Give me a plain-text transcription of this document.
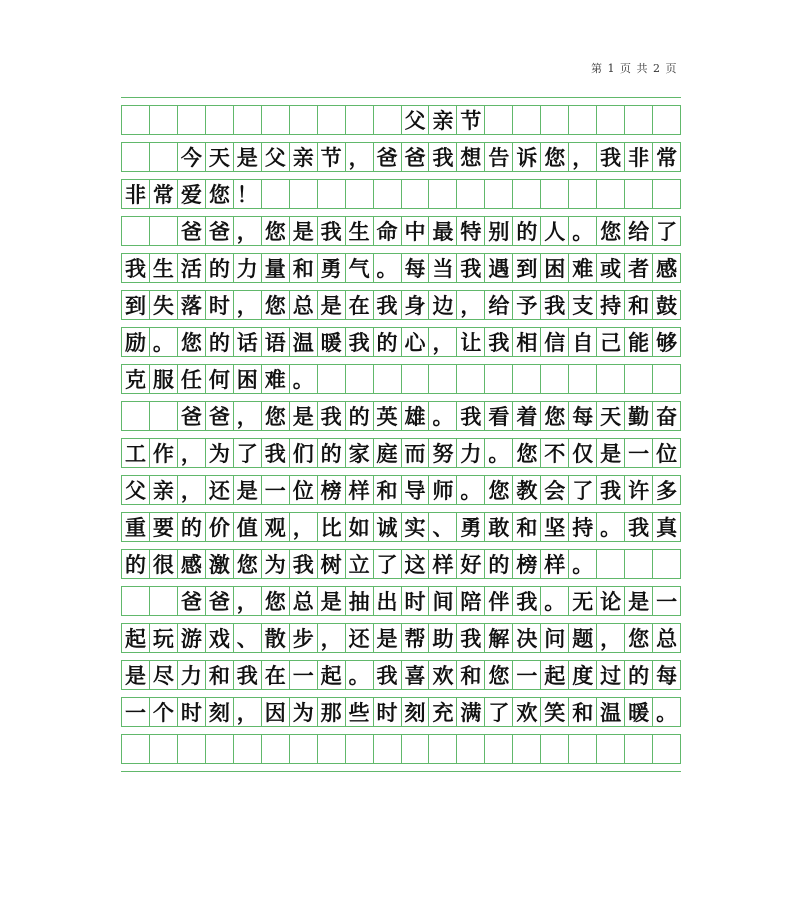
第 1 页 共 2 页
父 亲 节
今 天 是 父 亲 节 ， 爸 爸 我 想 告 诉 您 ， 我 非 常
非 常 爱 您 ！
爸 爸 ， 您 是 我 生 命 中 最 特 别 的 人 。 您 给 了
我 生 活 的 力 量 和 勇 气 。 每 当 我 遇 到 困 难 或 者 感
到 失 落 时 ， 您 总 是 在 我 身 边 ， 给 予 我 支 持 和 鼓
励 。 您 的 话 语 温 暖 我 的 心 ， 让 我 相 信 自 己 能 够
克 服 任 何 困 难 。
爸 爸 ， 您 是 我 的 英 雄 。 我 看 着 您 每 天 勤 奋
工 作 ， 为 了 我 们 的 家 庭 而 努 力 。 您 不 仅 是 一 位
父 亲 ， 还 是 一 位 榜 样 和 导 师 。 您 教 会 了 我 许 多
重 要 的 价 值 观 ， 比 如 诚 实 、 勇 敢 和 坚 持 。 我 真
的 很 感 激 您 为 我 树 立 了 这 样 好 的 榜 样 。
爸 爸 ， 您 总 是 抽 出 时 间 陪 伴 我 。 无 论 是 一
起 玩 游 戏 、 散 步 ， 还 是 帮 助 我 解 决 问 题 ， 您 总
是 尽 力 和 我 在 一 起 。 我 喜 欢 和 您 一 起 度 过 的 每
一 个 时 刻 ， 因 为 那 些 时 刻 充 满 了 欢 笑 和 温 暖 。
